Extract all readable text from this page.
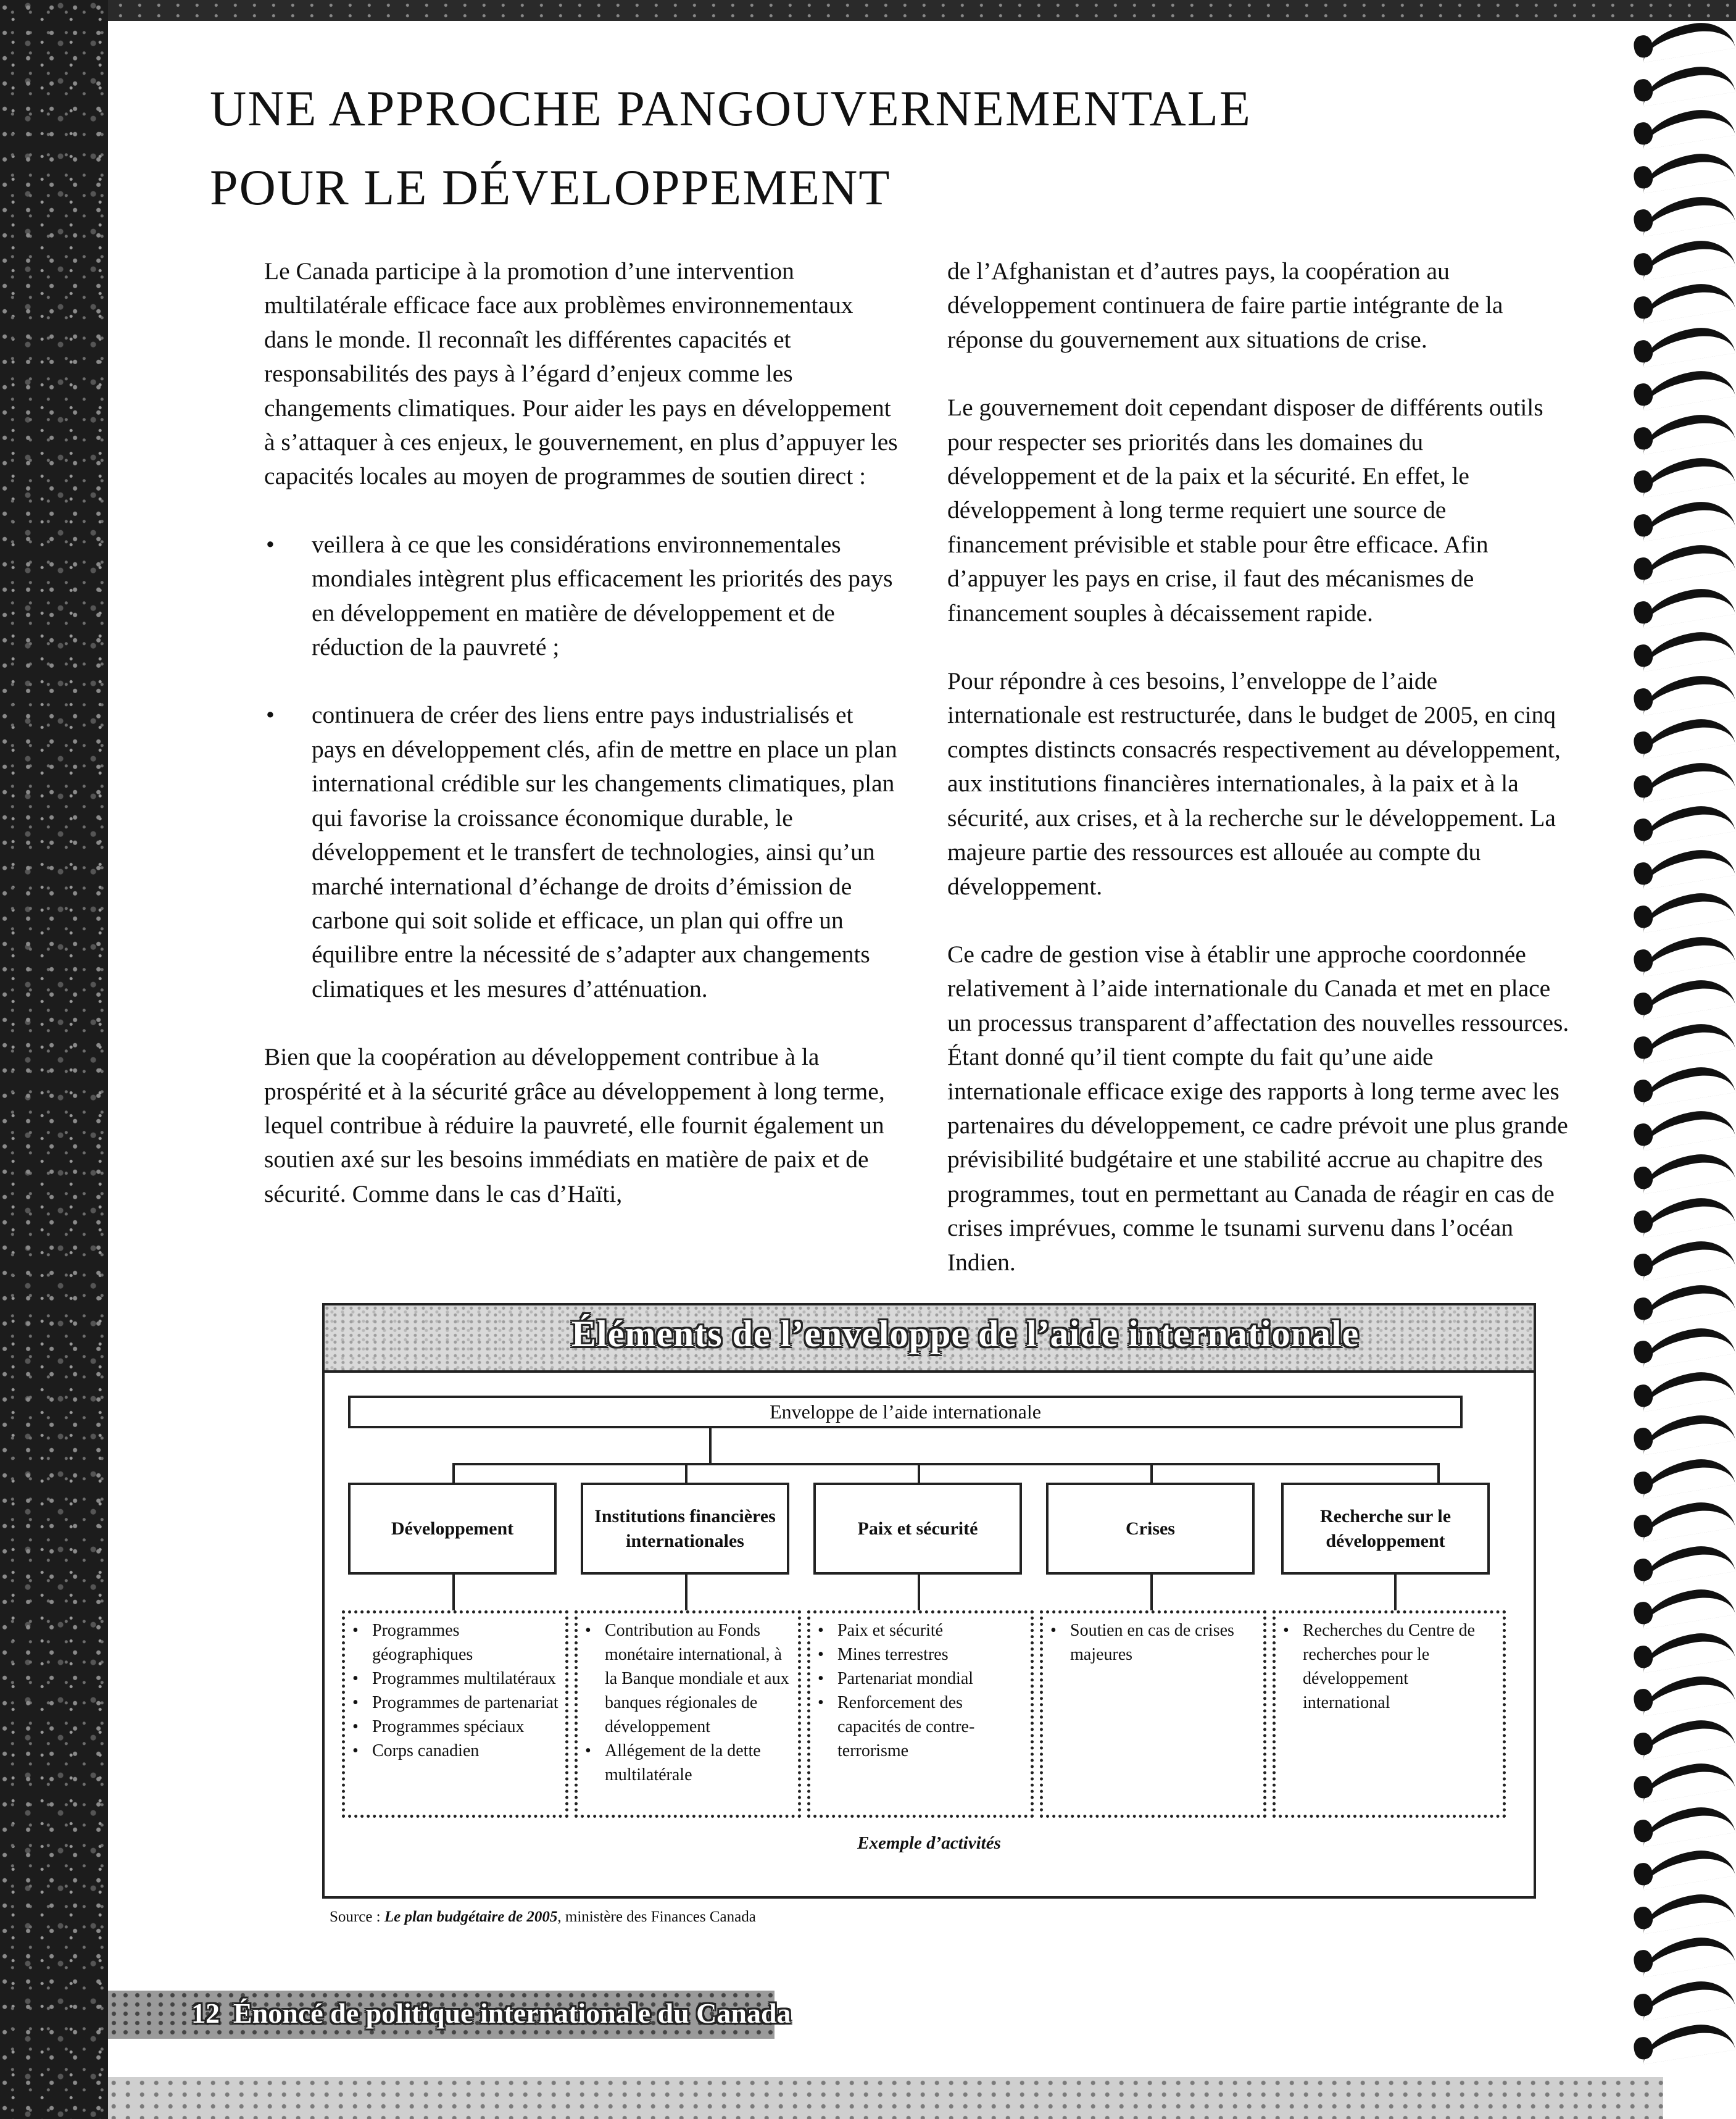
UNE APPROCHE PANGOUVERNEMENTALE
POUR LE DÉVELOPPEMENT

Le Canada participe à la promotion d’une intervention multilatérale efficace face aux problèmes environnementaux dans le monde. Il reconnaît les différentes capacités et responsabilités des pays à l’égard d’enjeux comme les changements climatiques. Pour aider les pays en développement à s’attaquer à ces enjeux, le gouvernement, en plus d’appuyer les capacités locales au moyen de programmes de soutien direct :

• veillera à ce que les considérations environnementales mondiales intègrent plus efficacement les priorités des pays en développement en matière de développement et de réduction de la pauvreté ;
• continuera de créer des liens entre pays industrialisés et pays en développement clés, afin de mettre en place un plan international crédible sur les changements climatiques, plan qui favorise la croissance économique durable, le développement et le transfert de technologies, ainsi qu’un marché international d’échange de droits d’émission de carbone qui soit solide et efficace, un plan qui offre un équilibre entre la nécessité de s’adapter aux changements climatiques et les mesures d’atténuation.

Bien que la coopération au développement contribue à la prospérité et à la sécurité grâce au développement à long terme, lequel contribue à réduire la pauvreté, elle fournit également un soutien axé sur les besoins immédiats en matière de paix et de sécurité. Comme dans le cas d’Haïti,

de l’Afghanistan et d’autres pays, la coopération au développement continuera de faire partie intégrante de la réponse du gouvernement aux situations de crise.

Le gouvernement doit cependant disposer de différents outils pour respecter ses priorités dans les domaines du développement et de la paix et la sécurité. En effet, le développement à long terme requiert une source de financement prévisible et stable pour être efficace. Afin d’appuyer les pays en crise, il faut des mécanismes de financement souples à décaissement rapide.

Pour répondre à ces besoins, l’enveloppe de l’aide internationale est restructurée, dans le budget de 2005, en cinq comptes distincts consacrés respectivement au développement, aux institutions financières internationales, à la paix et à la sécurité, aux crises, et à la recherche sur le développement. La majeure partie des ressources est allouée au compte du développement.

Ce cadre de gestion vise à établir une approche coordonnée relativement à l’aide internationale du Canada et met en place un processus transparent d’affectation des nouvelles ressources. Étant donné qu’il tient compte du fait qu’une aide internationale efficace exige des rapports à long terme avec les partenaires du développement, ce cadre prévoit une plus grande prévisibilité budgétaire et une stabilité accrue au chapitre des programmes, tout en permettant au Canada de réagir en cas de crises imprévues, comme le tsunami survenu dans l’océan Indien.

Éléments de l’enveloppe de l’aide internationale
Enveloppe de l’aide internationale
Développement
Institutions financières internationales
Paix et sécurité	Crises
Recherche sur le développement
• Programmes géographiques
• Programmes multilatéraux
• Programmes de partenariat
• Programmes spéciaux
• Corps canadien
• Contribution au Fonds monétaire international, à la Banque mondiale et aux banques régionales de développement
• Allégement de la dette multilatérale
• Paix et sécurité
• Mines terrestres
• Partenariat mondial
• Renforcement des capacités de contre-terrorisme
• Soutien en cas de crises majeures
• Recherches du Centre de recherches pour le développement international
Exemple d’activités
Source : Le plan budgétaire de 2005, ministère des Finances Canada
12 Énoncé de politique internationale du Canada
